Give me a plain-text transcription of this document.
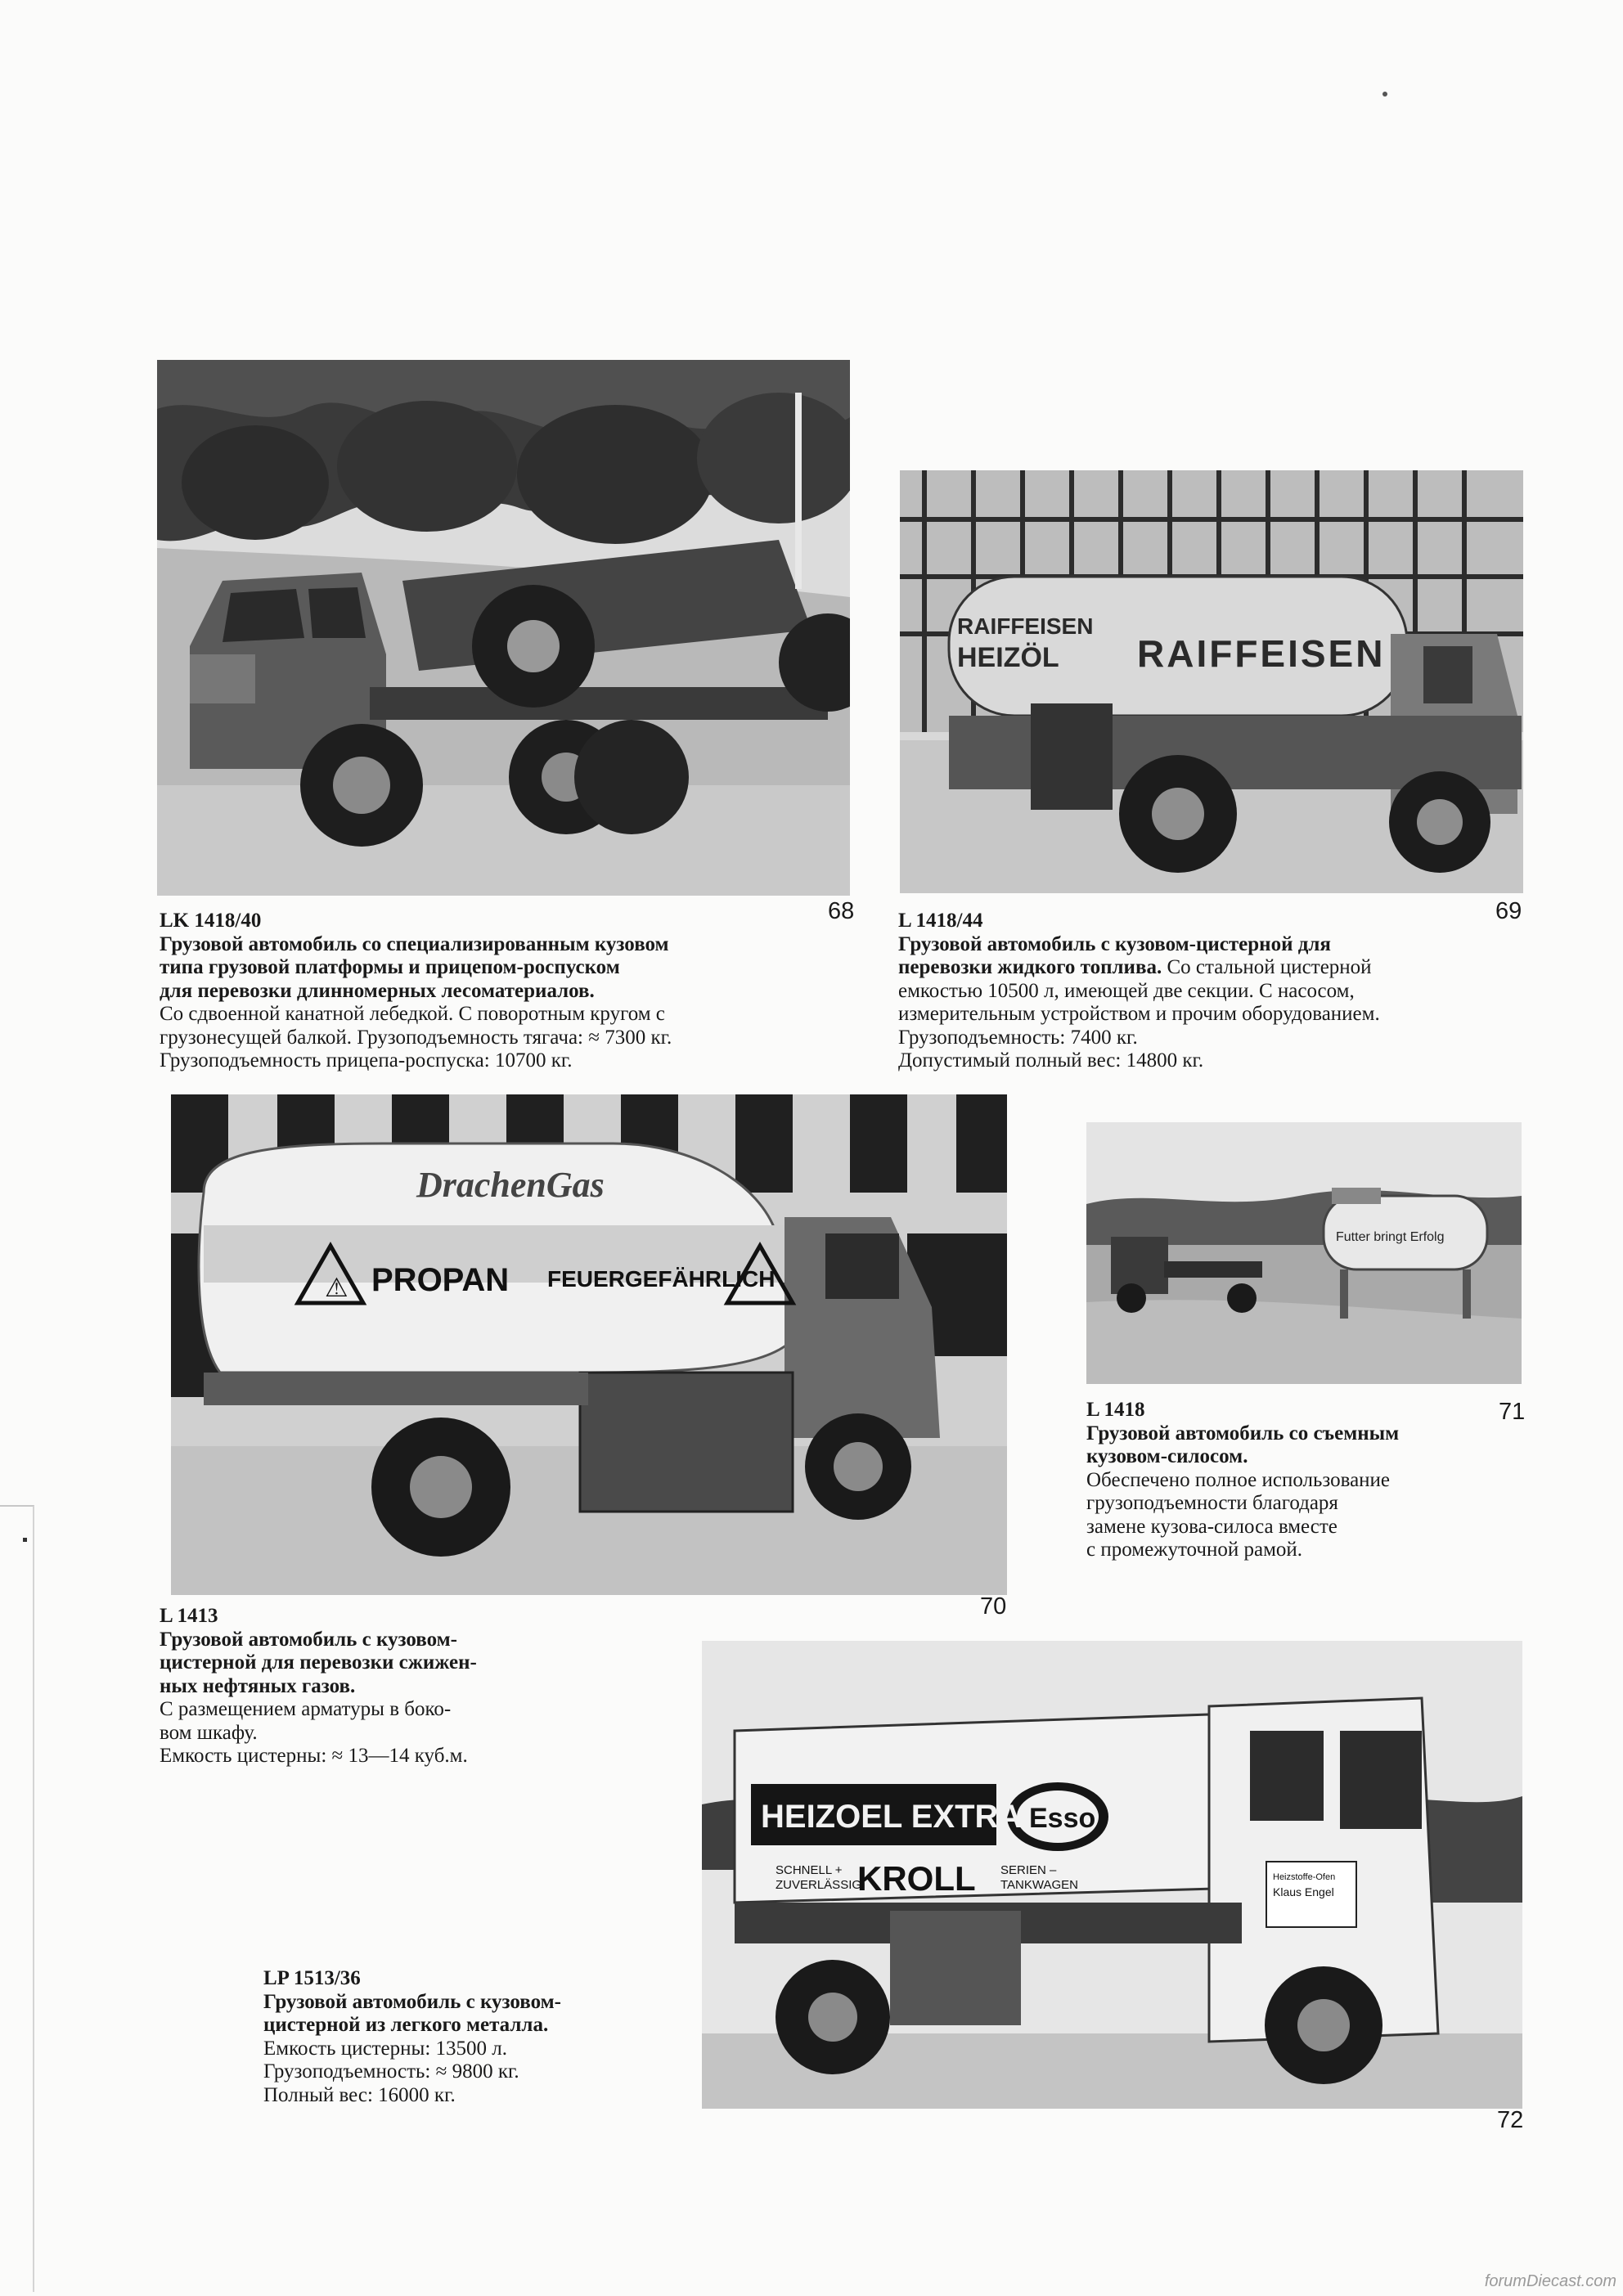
RAIFFEISEN
RAIFFEISEN
HEIZÖL
⚠
DrachenGas
PROPAN FEUERGEFÄHRLICH
Futter bringt Erfolg
HEIZOEL EXTRA Esso
SCHNELL +
ZUVERLÄSSIG
KROLL SERIEN –
TANKWAGEN
Heizstoffe-Ofen
Klaus Engel
68
LK 1418/40
Грузовой автомобиль со специализированным кузовом
типа грузовой платформы и прицепом-роспуском
для перевозки длинномерных лесоматериалов.
Со сдвоенной канатной лебедкой. С поворотным кругом с
грузонесущей балкой. Грузоподъемность тягача: ≈ 7300 кг.
Грузоподъемность прицепа-роспуска: 10700 кг.
69
L 1418/44
Грузовой автомобиль с кузовом-цистерной для
перевозки жидкого топлива. Со стальной цистерной
емкостью 10500 л, имеющей две секции. С насосом,
измерительным устройством и прочим оборудованием.
Грузоподъемность: 7400 кг.
Допустимый полный вес: 14800 кг.
70
L 1413
Грузовой автомобиль с кузовом-
цистерной для перевозки сжижен-
ных нефтяных газов.
С размещением арматуры в боко-
вом шкафу.
Емкость цистерны: ≈ 13—14 куб.м.
71
L 1418
Грузовой автомобиль со съемным
кузовом-силосом.
Обеспечено полное использование
грузоподъемности благодаря
замене кузова-силоса вместе
с промежуточной рамой.
72
LP 1513/36
Грузовой автомобиль с кузовом-
цистерной из легкого металла.
Емкость цистерны: 13500 л.
Грузоподъемность: ≈ 9800 кг.
Полный вес: 16000 кг.
forumDiecast.com
